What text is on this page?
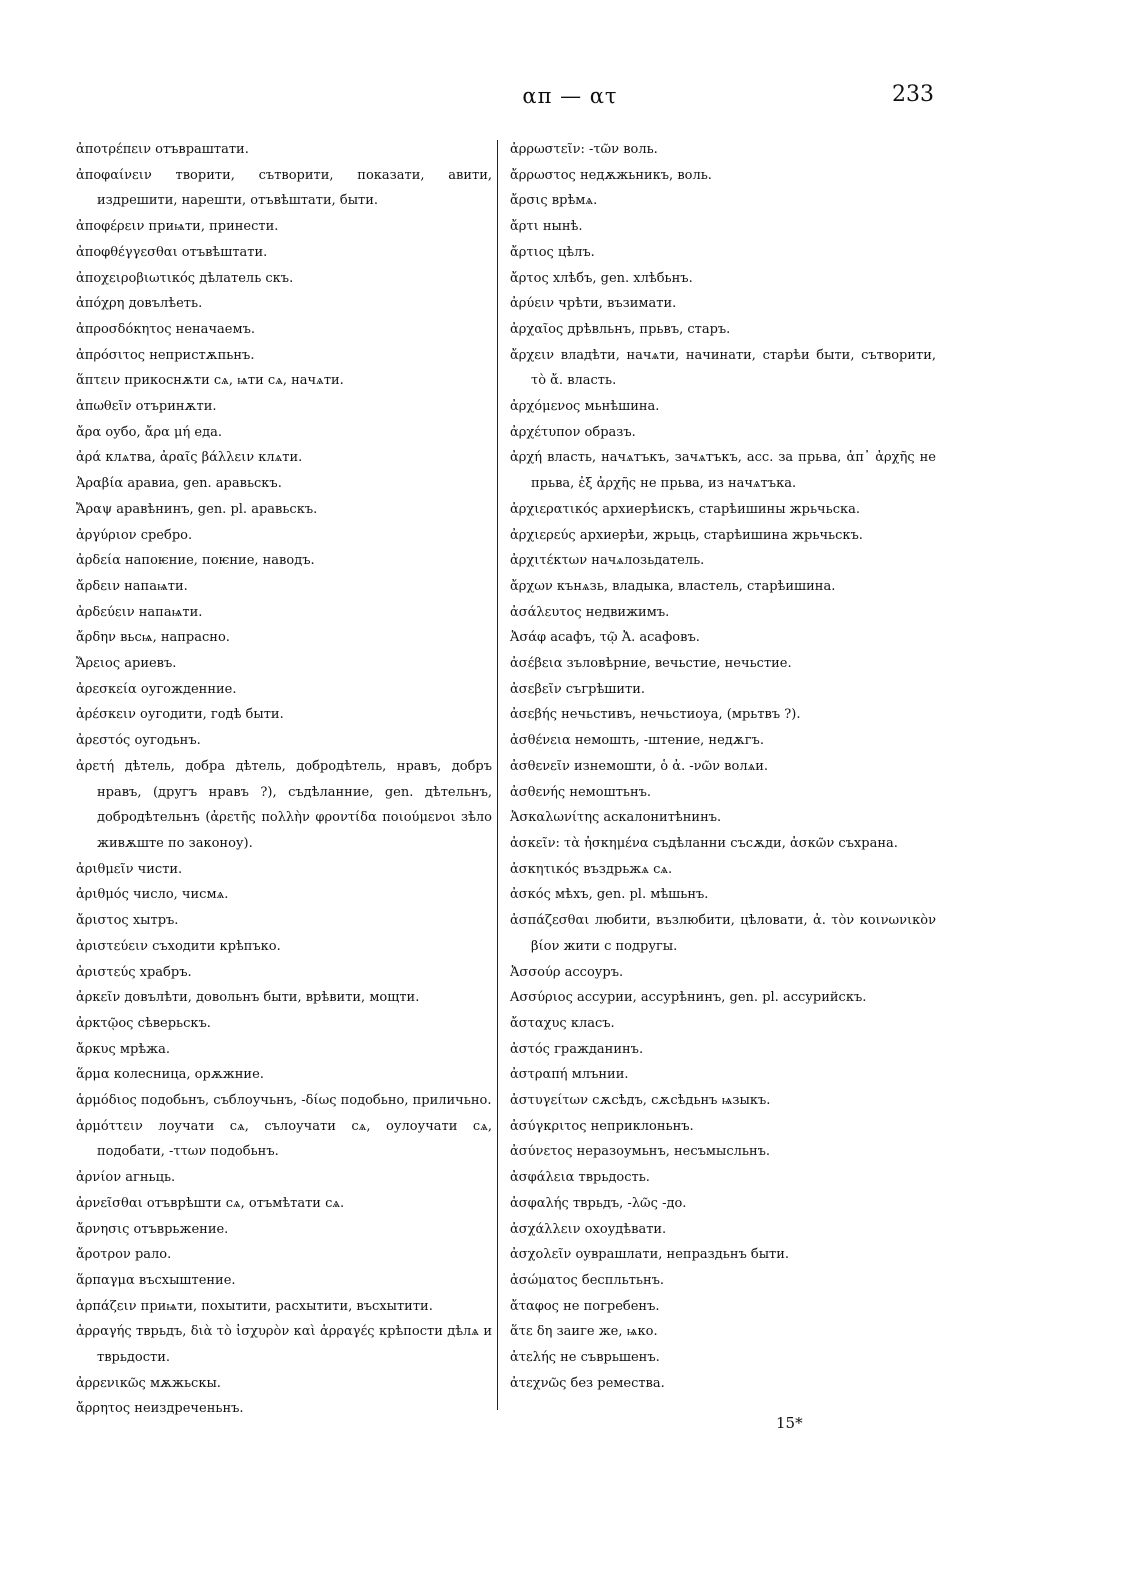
απ — ατ	233

ἀποτρέπειν отъвраштати.

ἀποφαίνειν творити, сътворити, показати, авити, издрешити, нарешти, отъвѣштати, быти.

ἀποφέρειν приѩти, принести.

ἀποφθέγγεσθαι отъвѣштати.

ἀποχειροβιωτικός дѣлатель скъ.

ἀπόχρη довълѣеть.

ἀπροσδόκητος неначаемъ.

ἀπρόσιτος непристѫпьнъ.

ἅπτειν прикоснѫти сѧ, ѩти сѧ, начѧти.

ἀπωθεῖν отъринѫти.

ἄρα оубо, ἄρα μή еда.

ἀρά клѧтва, ἀραῖς βάλλειν клѧти.

Ἀραβία аравиа, gen. аравьскъ.

Ἄραψ аравѣнинъ, gen. pl. аравьскъ.

ἀργύριον сребро.

ἀρδεία напоѥние, поѥние, наводъ.

ἄρδειν напаѩти.

ἀρδεύειν напаѩти.

ἄρδην вьсѩ, напрасно.

Ἄρειος ариевъ.

ἀρεσκεία оугожденние.

ἀρέσκειν оугодити, годѣ быти.

ἀρεστός оугодьнъ.

ἀρετή дѣтель, добра дѣтель, добродѣтель, нравъ, добръ нравъ, (другъ нравъ ?), съдѣланние, gen. дѣтельнъ, добродѣтельнъ (ἀρετῆς πολλὴν φροντίδα ποιούμενοι зѣло живѫште по законоу).

ἀριθμεῖν чисти.

ἀριθμός число, чисмѧ.

ἄριστος хытръ.

ἀριστεύειν съходити крѣпъко.

ἀριστεύς храбръ.

ἀρκεῖν довълѣти, довольнъ быти, врѣвити, мощти.

ἀρκτῷος сѣверьскъ.

ἄρκυς мрѣжа.

ἅρμα колесница, орѫжние.

ἁρμόδιος подобьнъ, съблоучьнъ, -δίως подобьно, приличьно.

ἁρμόττειν лоучати сѧ, сълоучати сѧ, оулоучати сѧ, подобати, -ττων подобьнъ.

ἀρνίον агньць.

ἀρνεῖσθαι отъврѣшти сѧ, отъмѣтати сѧ.

ἄρνησις отъврьжение.

ἄροτρον рало.

ἅρπαγμα въсхыштение.

ἁρπάζειν приѩти, похытити, расхытити, въсхытити.

ἀρραγής тврьдъ, διὰ τὸ ἰσχυρὸν καὶ ἀρραγές крѣпости дѣлѧ и тврьдости.

ἀρρενικῶς мѫжьскы.

ἄρρητος неиздреченьнъ.

ἀρρωστεῖν: -τῶν воль.

ἄρρωστος недѫжьникъ, воль.

ἄρσις врѣмѧ.

ἄρτι нынѣ.

ἄρτιος цѣлъ.

ἄρτος хлѣбъ, gen. хлѣбьнъ.

ἀρύειν чрѣти, възимати.

ἀρχαῖος дрѣвльнъ, прьвъ, старъ.

ἄρχειν владѣти, начѧти, начинати, старѣи быти, сътворити, τὸ ἄ. власть.

ἀρχόμενος мьнѣшина.

ἀρχέτυπον образъ.

ἀρχή власть, начѧтъкъ, зачѧтъкъ, acc. за прьва, ἀπ᾽ ἀρχῆς не прьва, ἐξ ἀρχῆς не прьва, из начѧтъка.

ἀρχιερατικός архиерѣискъ, старѣишины жрьчьска.

ἀρχιερεύς архиерѣи, жрьць, старѣишина жрьчьскъ.

ἀρχιτέκτων начѧлозьдатель.

ἄρχων кънѧзь, владыка, властель, старѣишина.

ἀσάλευτος недвижимъ.

Ἀσάφ асафъ, τῷ Ἀ. асафовъ.

ἀσέβεια зъловѣрние, вечьстие, нечьстие.

ἀσεβεῖν съгрѣшити.

ἀσεβής нечьстивъ, нечьстиоуа, (мрьтвъ ?).

ἀσθένεια немошть, -штение, недѫгъ.

ἀσθενεῖν изнемошти, ὁ ἀ. -νῶν волѧи.

ἀσθενής немоштьнъ.

Ἀσκαλωνίτης аскалонитѣнинъ.

ἀσκεῖν: τὰ ἠσκημένα съдѣланни съсѫди, ἀσκῶν съхрана.

ἀσκητικός въздрьжѧ сѧ.

ἀσκός мѣхъ, gen. pl. мѣшьнъ.

ἀσπάζεσθαι любити, възлюбити, цѣловати, ἀ. τὸν κοινωνικὸν βίον жити с подругы.

Ἀσσούρ ассоуръ.

Ασσύριος ассурии, ассурѣнинъ, gen. pl. ассурийскъ.

ἄσταχυς класъ.

ἀστός гражданинъ.

ἀστραπή млънии.

ἀστυγείτων сѫсѣдъ, сѫсѣдьнъ ѩзыкъ.

ἀσύγκριτος неприклоньнъ.

ἀσύνετος неразоумьнъ, несъмысльнъ.

ἀσφάλεια тврьдость.

ἀσφαλής тврьдъ, -λῶς -до.

ἀσχάλλειν охоудѣвати.

ἀσχολεῖν оуврашлати, непраздьнъ быти.

ἀσώματος беспльтьнъ.

ἄταφος не погребенъ.

ἅτε δη заиге же, ѩко.

ἀτελής не съврьшенъ.

ἀτεχνῶς без ремества.

15*
